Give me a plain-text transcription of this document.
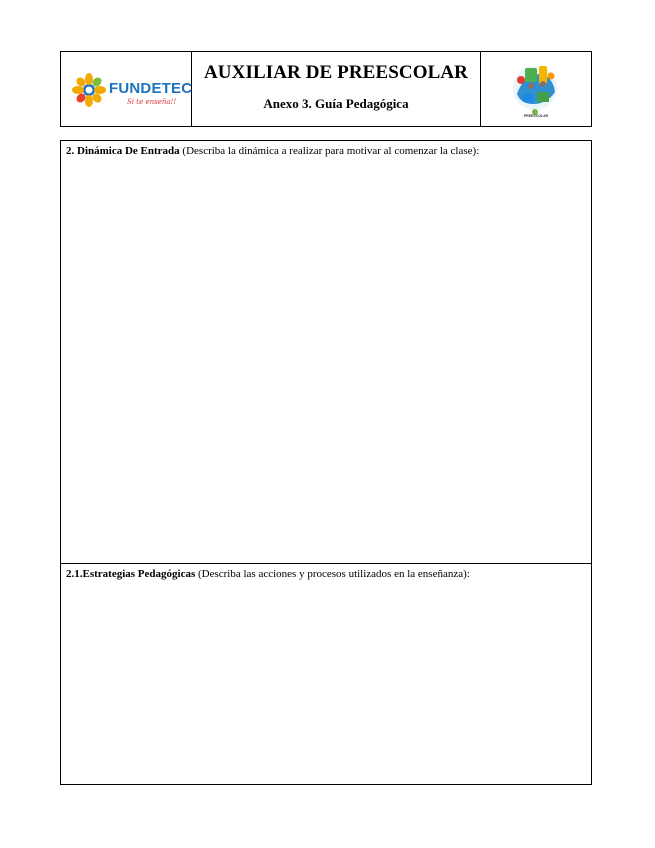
FUNDETEC
Si te enseña!!
AUXILIAR DE PREESCOLAR
Anexo 3. Guía Pedagógica
PREESCOLAR
2. Dinámica De Entrada (Describa la dinámica a realizar para motivar al comenzar la clase):
2.1.Estrategias Pedagógicas (Describa las acciones y procesos utilizados en la enseñanza):
